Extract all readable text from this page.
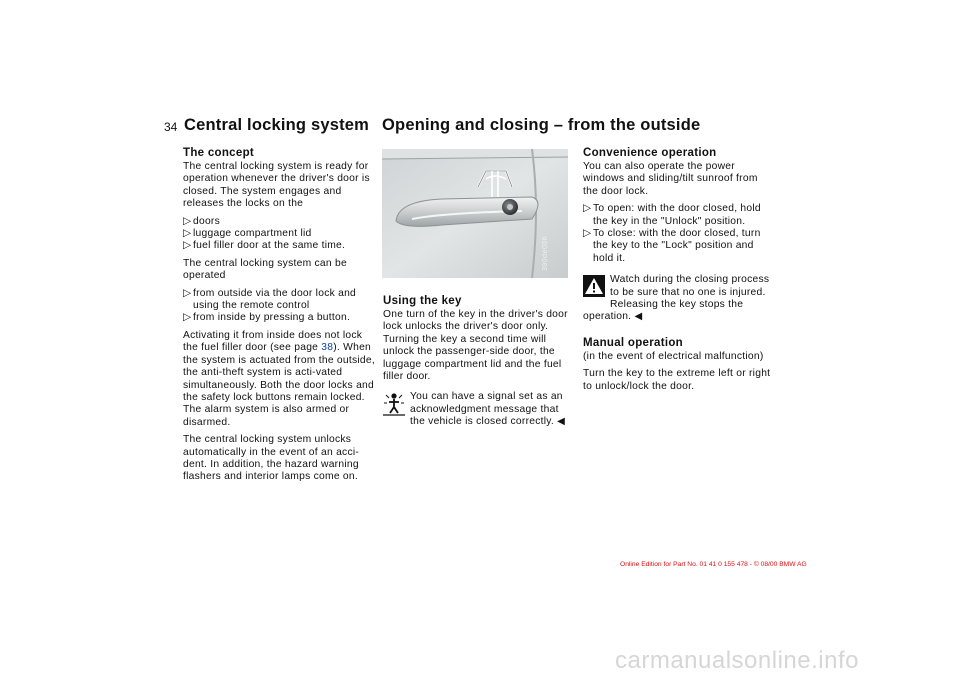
34 Central locking system Opening and closing – from the outside
The concept

The central locking system is ready for operation whenever the driver's door is closed. The system engages and releases the locks on the

▷ doors
▷ luggage compartment lid
▷ fuel filler door at the same time.

The central locking system can be operated

▷ from outside via the door lock and using the remote control
▷ from inside by pressing a button.

Activating it from inside does not lock the fuel filler door (see page 38). When the system is actuated from the outside, the anti-theft system is acti-vated simultaneously. Both the door locks and the safety lock buttons remain locked. The alarm system is also armed or disarmed.

The central locking system unlocks automatically in the event of an acci-dent. In addition, the hazard warning flashers and interior lamps come on.

390de006
Using the key

One turn of the key in the driver's door lock unlocks the driver's door only. Turning the key a second time will unlock the passenger-side door, the luggage compartment lid and the fuel filler door.

You can have a signal set as an acknowledgment message that the vehicle is closed correctly. ◀
Convenience operation

You can also operate the power windows and sliding/tilt sunroof from the door lock.

▷ To open: with the door closed, hold the key in the "Unlock" position.
▷ To close: with the door closed, turn the key to the "Lock" position and hold it.
Watch during the closing process to be sure that no one is injured. Releasing the key stops the operation. ◀
Manual operation

(in the event of electrical malfunction)

Turn the key to the extreme left or right to unlock/lock the door.

Online Edition for Part No. 01 41 0 155 478 - © 08/00 BMW AG
carmanualsonline.info
